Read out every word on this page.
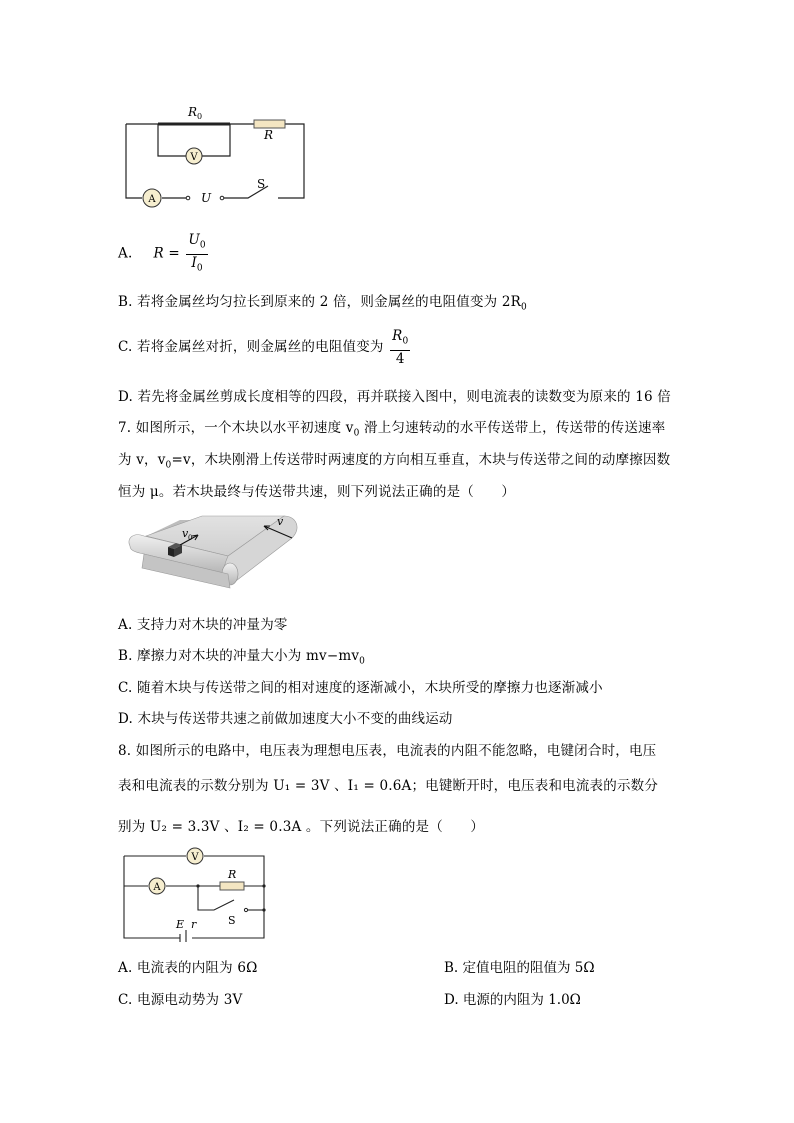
V
A	U
S
R 0
R
A. $R = \frac{U_0}{I_0}$
B. 若将金属丝均匀拉长到原来的 2 倍，则金属丝的电阻值变为 $2R_0$
C. 若将金属丝对折，则金属丝的电阻值变为 $\frac{R_0}{4}$
D. 若先将金属丝剪成长度相等的四段，再并联接入图中，则电流表的读数变为原来的 16 倍
7. 如图所示，一个木块以水平初速度 $v_0$ 滑上匀速转动的水平传送带上，传送带的传送速率
为 v，$v_0=v$，木块刚滑上传送带时两速度的方向相互垂直，木块与传送带之间的动摩擦因数
恒为 μ。若木块最终与传送带共速，则下列说法正确的是（　　）
v 0
v
A. 支持力对木块的冲量为零
B. 摩擦力对木块的冲量大小为 $mv-mv_0$
C. 随着木块与传送带之间的相对速度的逐渐减小，木块所受的摩擦力也逐渐减小
D. 木块与传送带共速之前做加速度大小不变的曲线运动
8. 如图所示的电路中，电压表为理想电压表，电流表的内阻不能忽略，电键闭合时，电压
表和电流表的示数分别为 U₁ = 3V 、I₁ = 0.6A；电键断开时，电压表和电流表的示数分
别为 U₂ = 3.3V 、I₂ = 0.3A 。下列说法正确的是（　　）
V
A
R
S
E r
A. 电流表的内阻为 6Ω	B. 定值电阻的阻值为 5Ω
C. 电源电动势为 3V	D. 电源的内阻为 1.0Ω
